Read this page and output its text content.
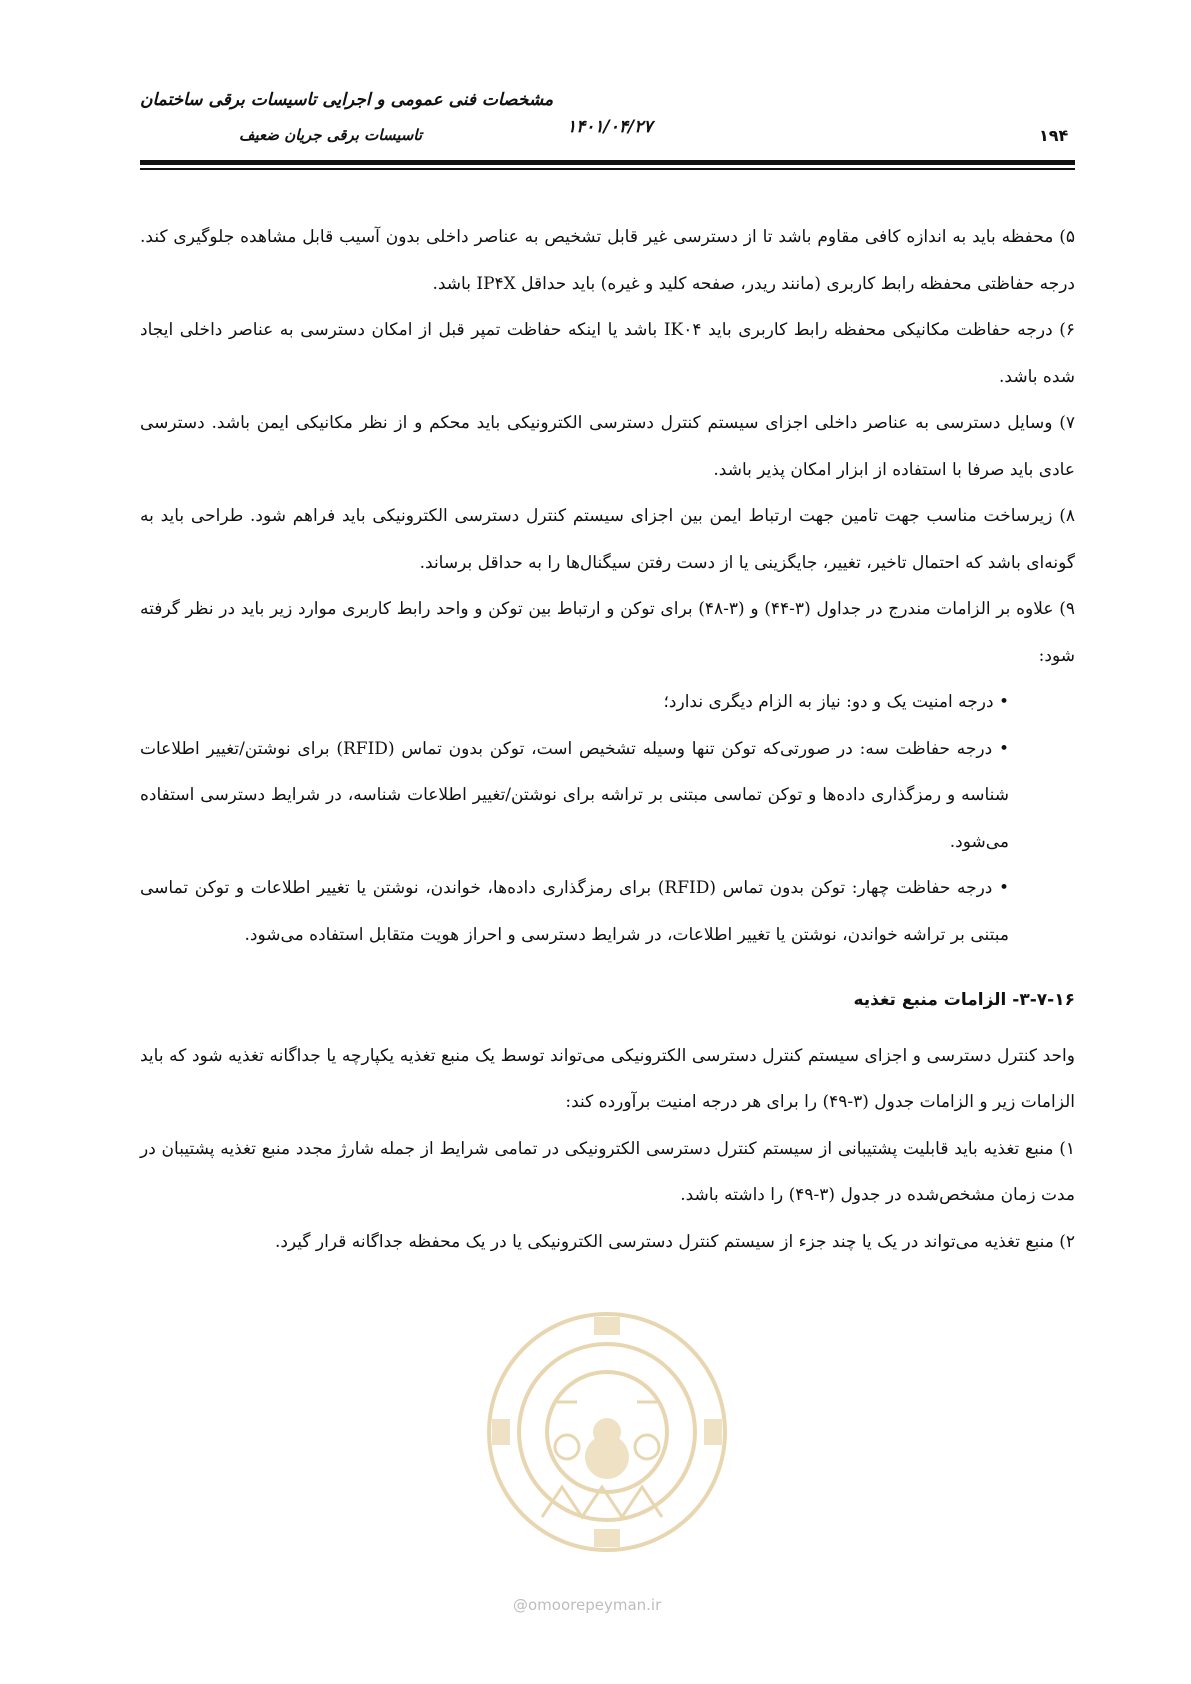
مشخصات فنی عمومی و اجرایی تاسیسات برقی ساختمان
تاسیسات برقی جریان ضعیف	۱۴۰۱/۰۴/۲۷	۱۹۴

۵) محفظه باید به اندازه کافی مقاوم باشد تا از دسترسی غیر قابل تشخیص به عناصر داخلی بدون آسیب قابل مشاهده جلوگیری کند. درجه حفاظتی محفظه رابط کاربری (مانند ریدر، صفحه کلید و غیره) باید حداقل IP۴X باشد.

۶) درجه حفاظت مکانیکی محفظه رابط کاربری باید IK۰۴ باشد یا اینکه حفاظت تمپر قبل از امکان دسترسی به عناصر داخلی ایجاد شده باشد.

۷) وسایل دسترسی به عناصر داخلی اجزای سیستم کنترل دسترسی الکترونیکی باید محکم و از نظر مکانیکی ایمن باشد. دسترسی عادی باید صرفا با استفاده از ابزار امکان پذیر باشد.

۸) زیرساخت مناسب جهت تامین جهت ارتباط ایمن بین اجزای سیستم کنترل دسترسی الکترونیکی باید فراهم شود. طراحی باید به گونه‌ای باشد که احتمال تاخیر، تغییر، جایگزینی یا از دست رفتن سیگنال‌ها را به حداقل برساند.

۹) علاوه بر الزامات مندرج در جداول (۳-۴۴) و (۳-۴۸) برای توکن و ارتباط بین توکن و واحد رابط کاربری موارد زیر باید در نظر گرفته شود:

• درجه امنیت یک و دو: نیاز به الزام دیگری ندارد؛

• درجه حفاظت سه: در صورتی‌که توکن تنها وسیله تشخیص است، توکن بدون تماس (RFID) برای نوشتن/تغییر اطلاعات شناسه و رمزگذاری داده‌ها و توکن تماسی مبتنی بر تراشه برای نوشتن/تغییر اطلاعات شناسه، در شرایط دسترسی استفاده می‌شود.

• درجه حفاظت چهار: توکن بدون تماس (RFID) برای رمزگذاری داده‌ها، خواندن، نوشتن یا تغییر اطلاعات و توکن تماسی مبتنی بر تراشه خواندن، نوشتن یا تغییر اطلاعات، در شرایط دسترسی و احراز هویت متقابل استفاده می‌شود.

۳-۷-۱۶- الزامات منبع تغذیه

واحد کنترل دسترسی و اجزای سیستم کنترل دسترسی الکترونیکی می‌تواند توسط یک منبع تغذیه یکپارچه یا جداگانه تغذیه شود که باید الزامات زیر و الزامات جدول (۳-۴۹) را برای هر درجه امنیت برآورده کند:

۱) منبع تغذیه باید قابلیت پشتیبانی از سیستم کنترل دسترسی الکترونیکی در تمامی شرایط از جمله شارژ مجدد منبع تغذیه پشتیبان در مدت زمان مشخص‌شده در جدول (۳-۴۹) را داشته باشد.

۲) منبع تغذیه می‌تواند در یک یا چند جزء از سیستم کنترل دسترسی الکترونیکی یا در یک محفظه جداگانه قرار گیرد.

@omoorepeyman.ir
